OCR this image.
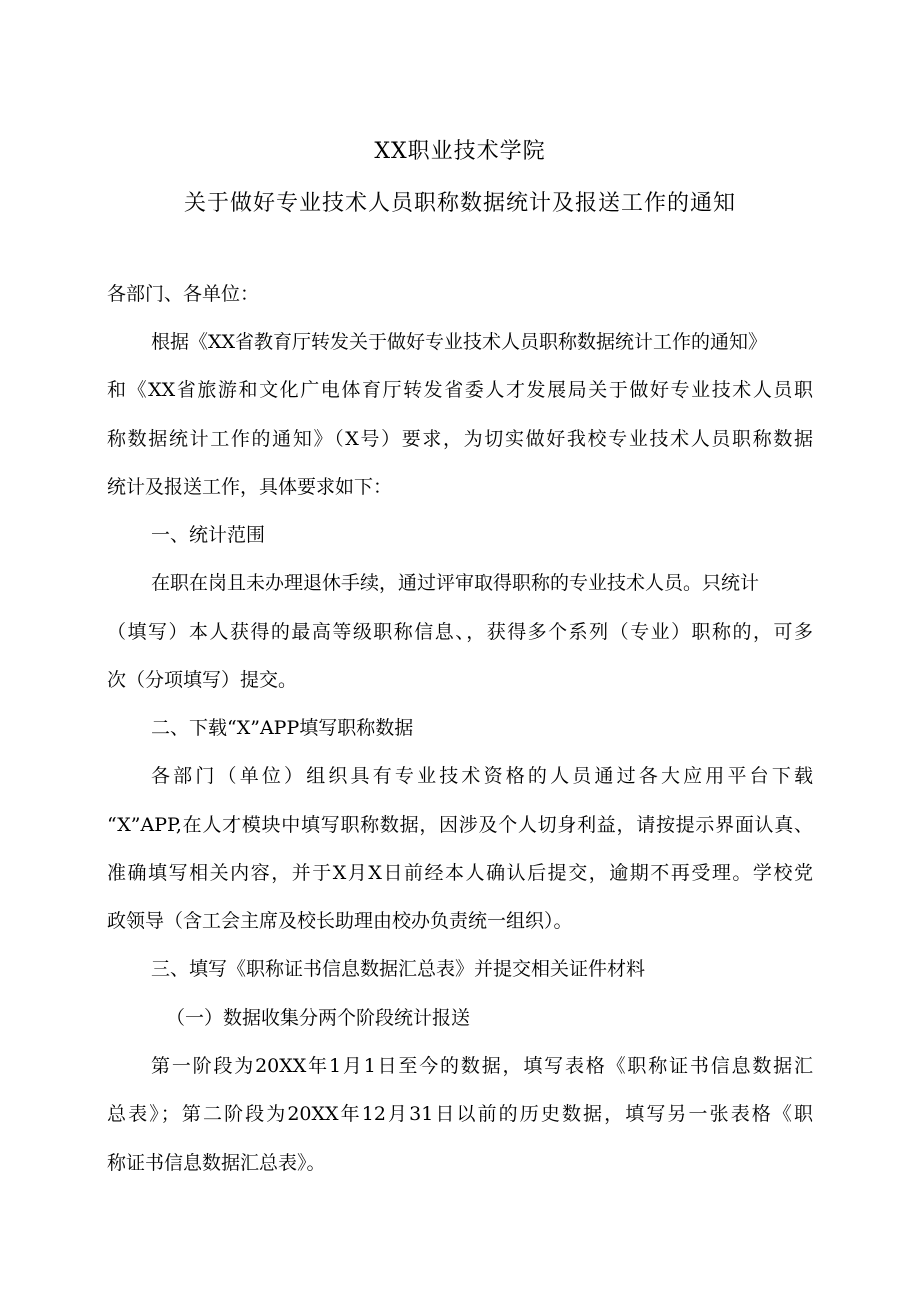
XX职业技术学院
关于做好专业技术人员职称数据统计及报送工作的通知
各部门、各单位：
根据《XX省教育厅转发关于做好专业技术人员职称数据统计工作的通知》
和《XX省旅游和文化广电体育厅转发省委人才发展局关于做好专业技术人员职
称数据统计工作的通知》（X号）要求，为切实做好我校专业技术人员职称数据
统计及报送工作，具体要求如下：
一、统计范围
在职在岗且未办理退休手续，通过评审取得职称的专业技术人员。只统计
（填写）本人获得的最高等级职称信息、，获得多个系列（专业）职称的，可多
次（分项填写）提交。
二、下载“X”APP填写职称数据
各部门（单位）组织具有专业技术资格的人员通过各大应用平台下载
“X”APP,在人才模块中填写职称数据，因涉及个人切身利益，请按提示界面认真、
准确填写相关内容，并于X月X日前经本人确认后提交，逾期不再受理。学校党
政领导（含工会主席及校长助理由校办负责统一组织）。
三、填写《职称证书信息数据汇总表》并提交相关证件材料
（一）数据收集分两个阶段统计报送
第一阶段为20XX年1月1日至今的数据，填写表格《职称证书信息数据汇
总表》；第二阶段为20XX年12月31日以前的历史数据，填写另一张表格《职
称证书信息数据汇总表》。
